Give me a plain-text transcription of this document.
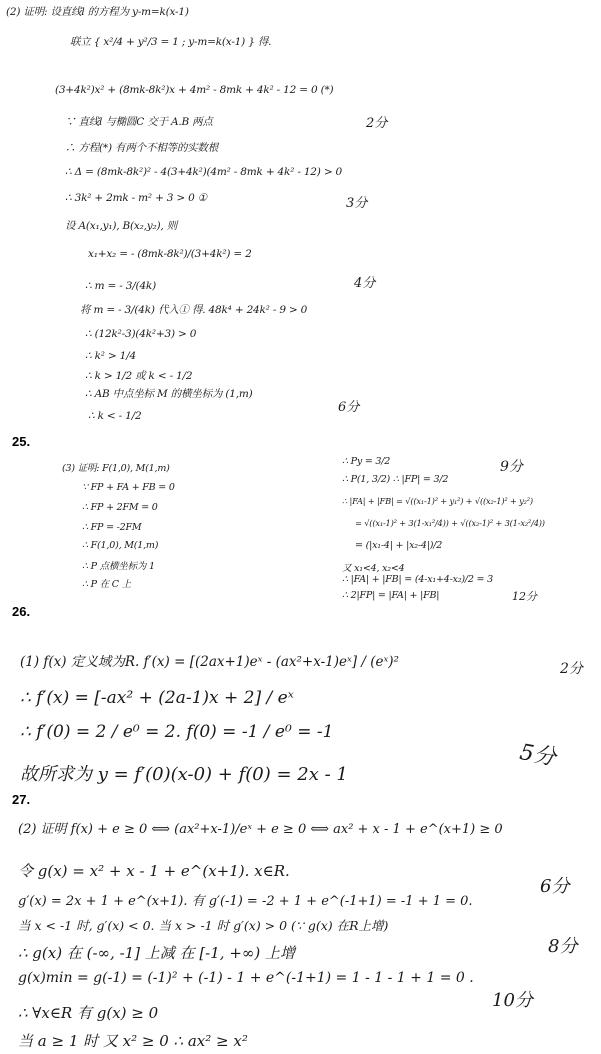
(2) 证明: 设直线l 的方程为 y-m=k(x-1)
联立 { x²/4 + y²/3 = 1 ; y-m=k(x-1) } 得.
(3+4k²)x² + (8mk-8k²)x + 4m² - 8mk + 4k² - 12 = 0 (*)
∵ 直线l 与椭圆C 交于 A.B 两点
∴ 方程(*) 有两个不相等的实数根
∴ Δ = (8mk-8k²)² - 4(3+4k²)(4m² - 8mk + 4k² - 12) > 0
∴ 3k² + 2mk - m² + 3 > 0 ①
设 A(x₁,y₁), B(x₂,y₂), 则
x₁+x₂ = - (8mk-8k²)/(3+4k²) = 2
∴ m = - 3/(4k)
将 m = - 3/(4k) 代入① 得. 48k⁴ + 24k² - 9 > 0
∴ (12k²-3)(4k²+3) > 0
∴ k² > 1/4
∴ k > 1/2 或 k < - 1/2
∴ AB 中点坐标 M 的横坐标为 (1,m)
∴ k < - 1/2
2分
3分
4分
6分
25.
(3) 证明: F(1,0), M(1,m)
∵ FP + FA + FB = 0
∴ FP + 2FM = 0
∴ FP = -2FM
∴ F(1,0), M(1,m)
∴ P 点横坐标为 1
∴ P 在 C 上
∴ Py = 3/2
∴ P(1, 3/2) ∴ |FP| = 3/2
∴ |FA| + |FB| = √((x₁-1)² + y₁²) + √((x₂-1)² + y₂²)
= √((x₁-1)² + 3(1-x₁²/4)) + √((x₂-1)² + 3(1-x₂²/4))
= (|x₁-4| + |x₂-4|)/2
又 x₁<4, x₂<4
∴ |FA| + |FB| = (4-x₁+4-x₂)/2 = 3
∴ 2|FP| = |FA| + |FB|
9分
12分
26.
(1) f(x) 定义域为R. f′(x) = [(2ax+1)eˣ - (ax²+x-1)eˣ] / (eˣ)²
∴ f′(x) = [-ax² + (2a-1)x + 2] / eˣ
∴ f′(0) = 2 / e⁰ = 2. f(0) = -1 / e⁰ = -1
故所求为 y = f′(0)(x-0) + f(0) = 2x - 1
2分
5分
27.
(2) 证明 f(x) + e ≥ 0 ⟺ (ax²+x-1)/eˣ + e ≥ 0 ⟺ ax² + x - 1 + e^(x+1) ≥ 0
令 g(x) = x² + x - 1 + e^(x+1). x∈R.
g′(x) = 2x + 1 + e^(x+1). 有 g′(-1) = -2 + 1 + e^(-1+1) = -1 + 1 = 0.
当 x < -1 时, g′(x) < 0. 当 x > -1 时 g′(x) > 0 (∵ g(x) 在R上增)
∴ g(x) 在 (-∞, -1] 上减 在 [-1, +∞) 上增
g(x)min = g(-1) = (-1)² + (-1) - 1 + e^(-1+1) = 1 - 1 - 1 + 1 = 0 .
∴ ∀x∈R 有 g(x) ≥ 0
当 a ≥ 1 时 又 x² ≥ 0 ∴ ax² ≥ x²
6分
8分
10分
